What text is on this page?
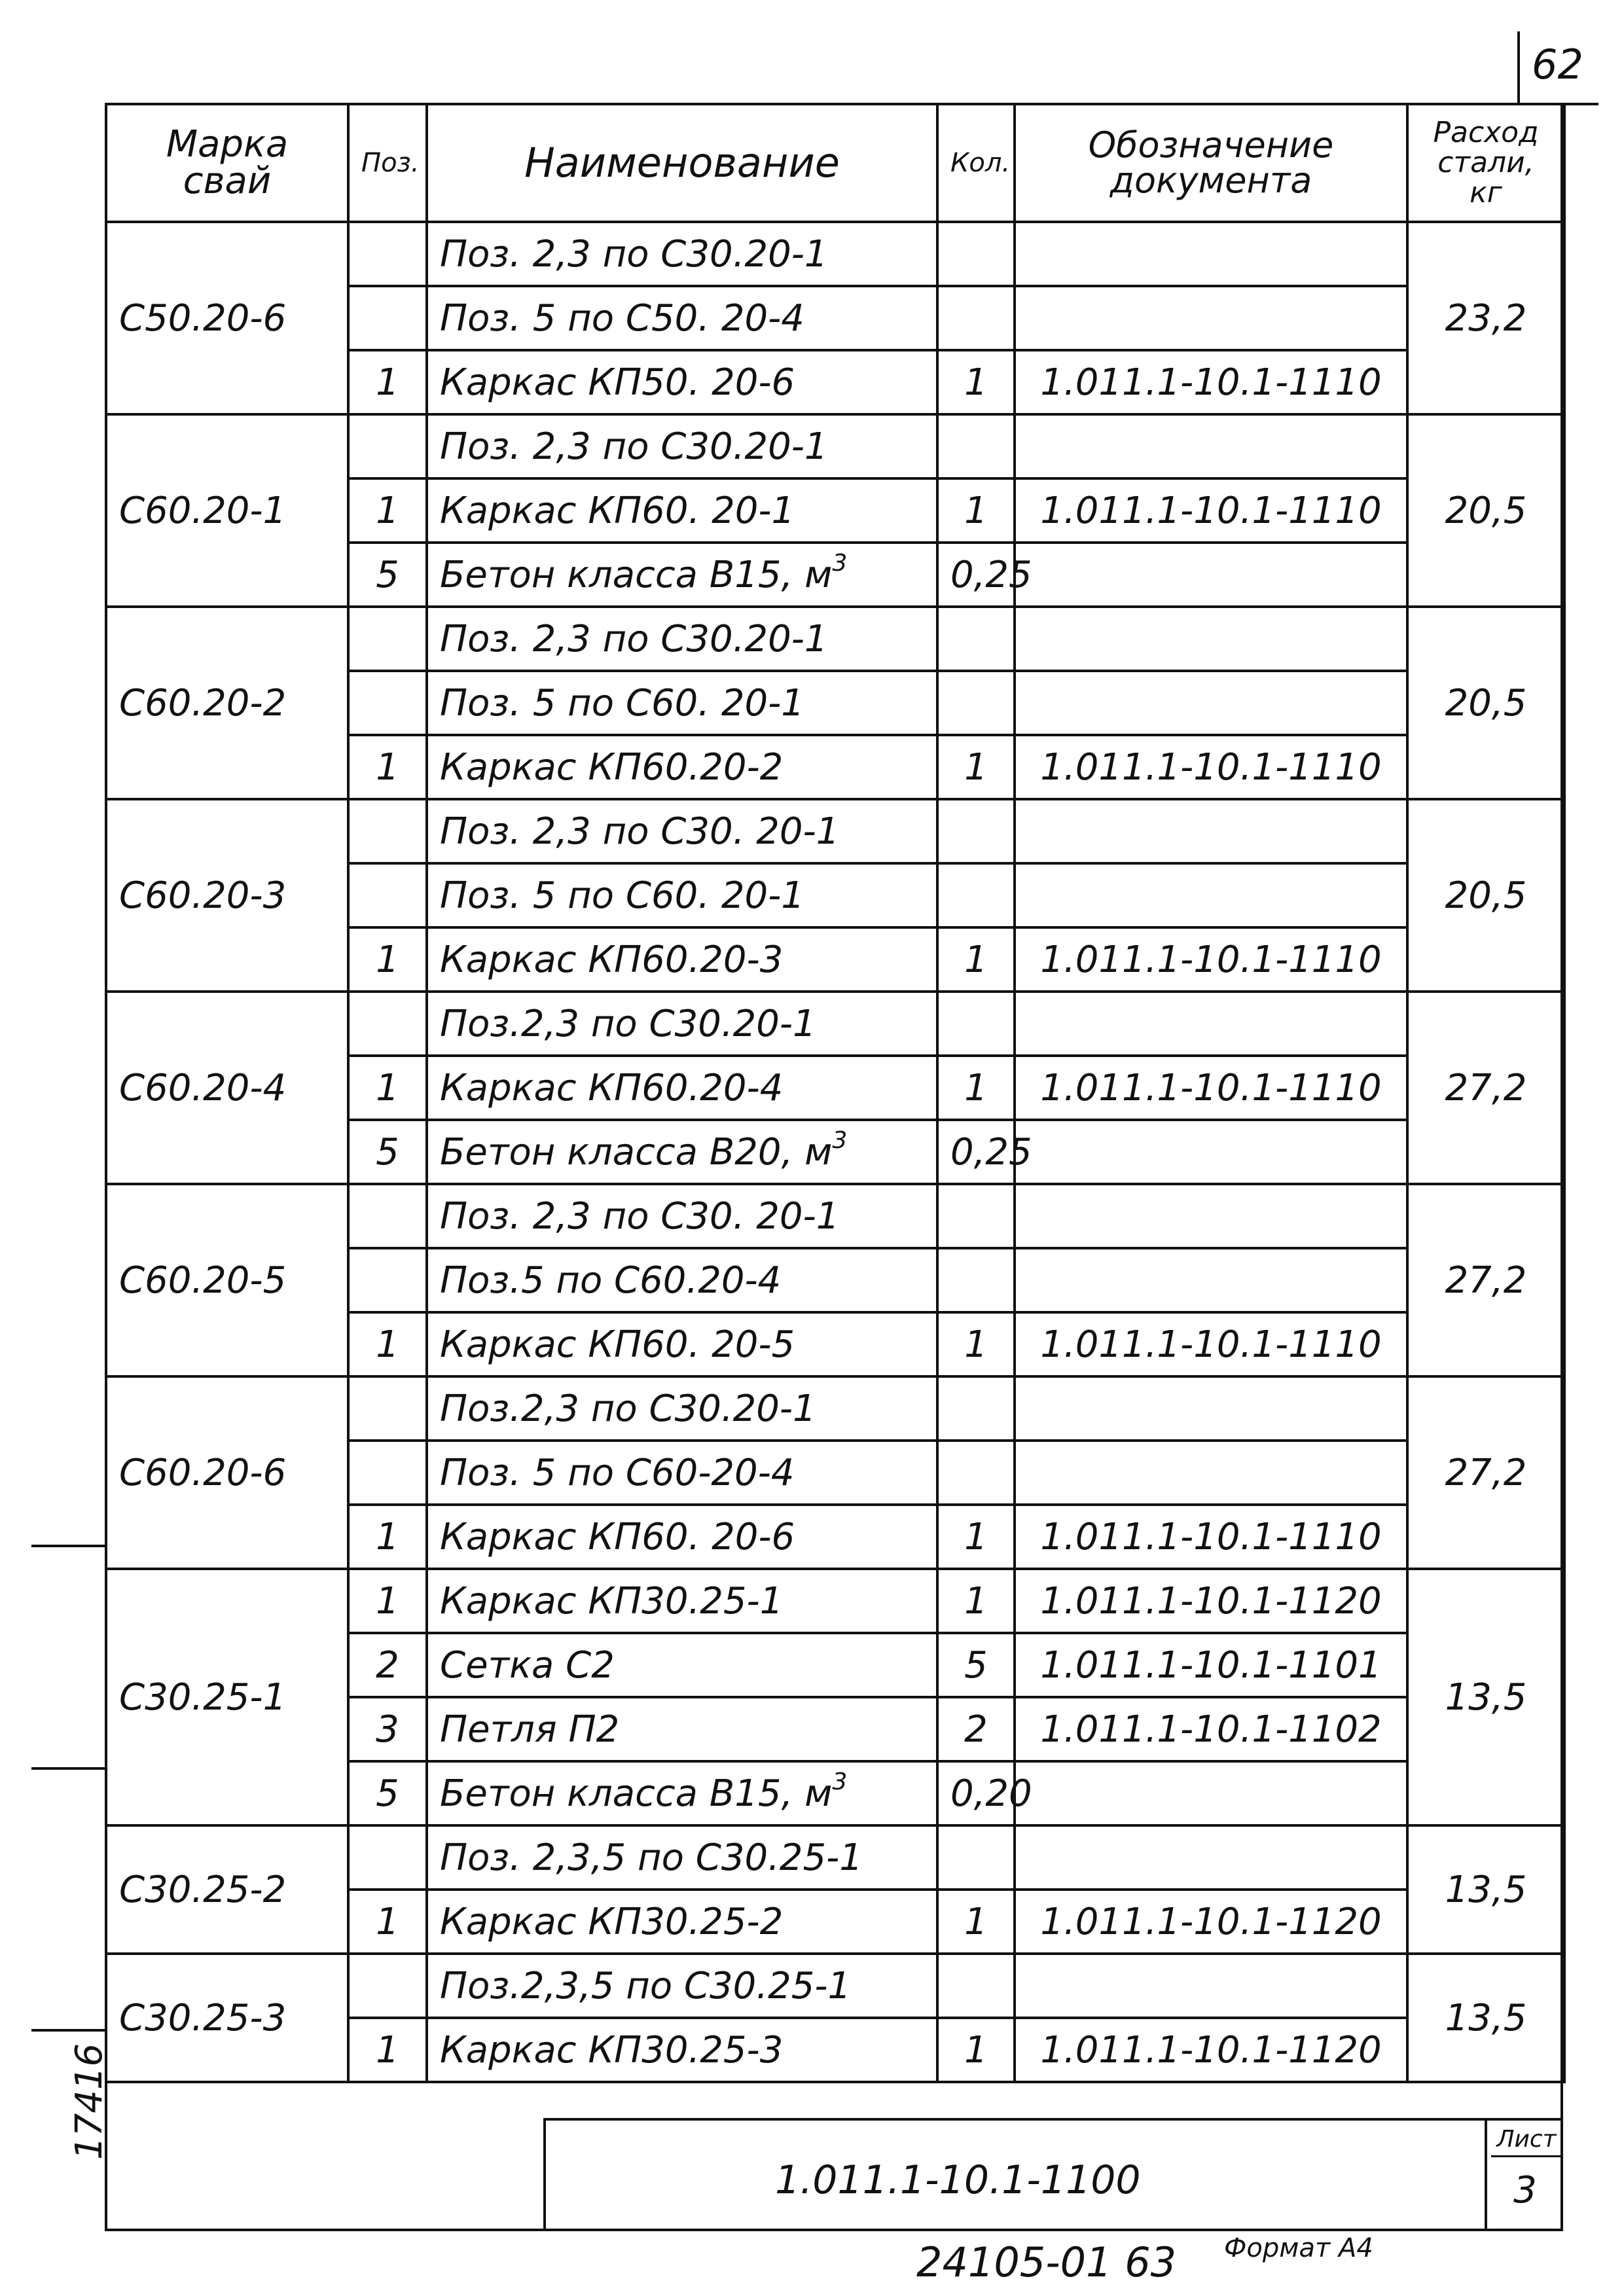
62
Марка свай	Поз.	Наименование	Кол.	Обозначение документа	Расход стали, кг
С50.20-6		Поз. 2,3 по С30.20-1			23,2
		Поз. 5 по С50. 20-4			
	1	Каркас КП50. 20-6	1	1.011.1-10.1-1110	
С60.20-1		Поз. 2,3 по С30.20-1			20,5
	1	Каркас КП60. 20-1	1	1.011.1-10.1-1110	
	5	Бетон класса В15, $м^3$	0,25		
С60.20-2		Поз. 2,3 по С30.20-1			20,5
		Поз. 5 по С60. 20-1			
	1	Каркас КП60.20-2	1	1.011.1-10.1-1110	
С60.20-3		Поз. 2,3 по С30. 20-1			20,5
		Поз. 5 по С60. 20-1			
	1	Каркас КП60.20-3	1	1.011.1-10.1-1110	
С60.20-4		Поз.2,3 по С30.20-1			27,2
	1	Каркас КП60.20-4	1	1.011.1-10.1-1110	
	5	Бетон класса В20, $м^3$	0,25		
С60.20-5		Поз. 2,3 по С30. 20-1			27,2
		Поз.5 по С60.20-4			
	1	Каркас КП60. 20-5	1	1.011.1-10.1-1110	
С60.20-6		Поз.2,3 по С30.20-1			27,2
		Поз. 5 по С60-20-4			
	1	Каркас КП60. 20-6	1	1.011.1-10.1-1110	
С30.25-1	1	Каркас КП30.25-1	1	1.011.1-10.1-1120	13,5
	2	Сетка С2	5	1.011.1-10.1-1101	
	3	Петля П2	2	1.011.1-10.1-1102	
	5	Бетон класса В15, $м^3$	0,20		
С30.25-2		Поз. 2,3,5 по С30.25-1			13,5
	1	Каркас КП30.25-2	1	1.011.1-10.1-1120	
С30.25-3		Поз.2,3,5 по С30.25-1			13,5
	1	Каркас КП30.25-3	1	1.011.1-10.1-1120	
1.011.1-10.1-1100
Лист
3
17416
24105-01 63 Формат А4
